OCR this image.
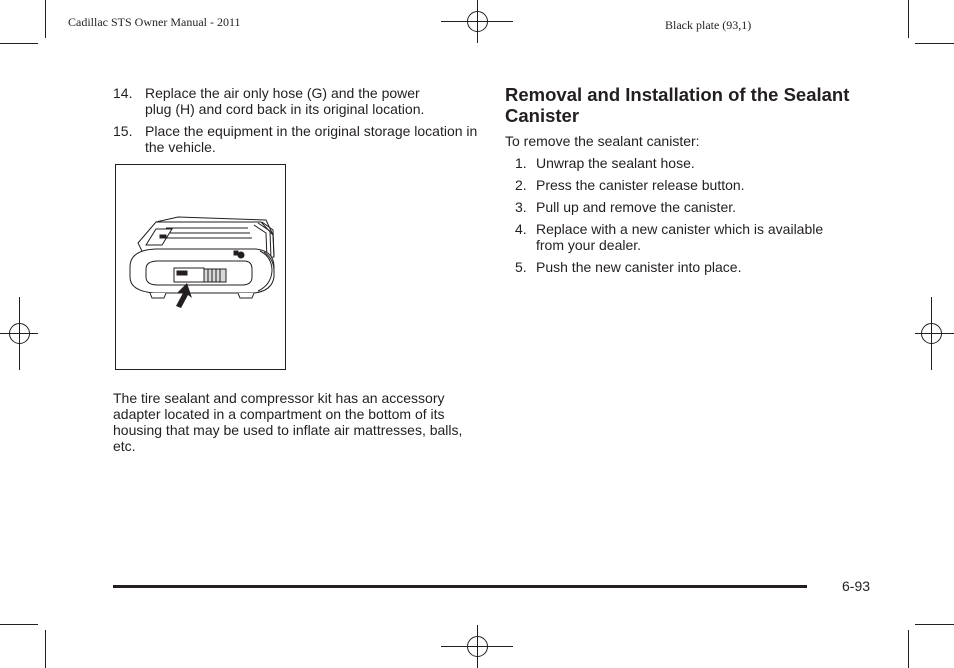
Cadillac STS Owner Manual - 2011	Black plate (93,1)
14. Replace the air only hose (G) and the power plug (H) and cord back in its original location.
15. Place the equipment in the original storage location in the vehicle.
The tire sealant and compressor kit has an accessory adapter located in a compartment on the bottom of its housing that may be used to inflate air mattresses, balls, etc.
Removal and Installation of the Sealant Canister
To remove the sealant canister:
1. Unwrap the sealant hose.
2. Press the canister release button.
3. Pull up and remove the canister.
4. Replace with a new canister which is available from your dealer.
5. Push the new canister into place.
6-93
